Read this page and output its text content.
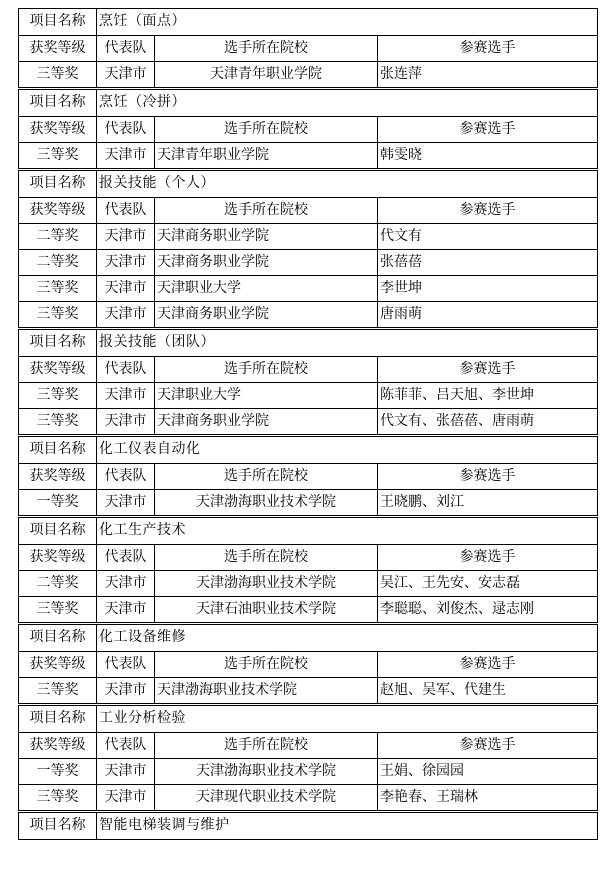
项目名称 烹饪（面点）
获奖等级	代表队	选手所在院校	参赛选手
三等奖	天津市	天津青年职业学院	张连萍
项目名称 烹饪（冷拼）
获奖等级	代表队	选手所在院校	参赛选手
三等奖	天津市 天津青年职业学院	韩雯晓
项目名称 报关技能（个人）
获奖等级	代表队	选手所在院校	参赛选手
二等奖	天津市 天津商务职业学院	代文有
二等奖	天津市 天津商务职业学院	张蓓蓓
三等奖	天津市 天津职业大学	李世坤
三等奖	天津市 天津商务职业学院	唐雨萌
项目名称 报关技能（团队）
获奖等级	代表队	选手所在院校	参赛选手
三等奖	天津市 天津职业大学	陈菲菲、吕天旭、李世坤
三等奖	天津市 天津商务职业学院	代文有、张蓓蓓、唐雨萌
项目名称 化工仪表自动化
获奖等级	代表队	选手所在院校	参赛选手
一等奖	天津市	天津渤海职业技术学院	王晓鹏、刘江
项目名称 化工生产技术
获奖等级	代表队	选手所在院校	参赛选手
二等奖	天津市	天津渤海职业技术学院	吴江、王先安、安志磊
三等奖	天津市	天津石油职业技术学院	李聪聪、刘俊杰、逯志刚
项目名称 化工设备维修
获奖等级	代表队	选手所在院校	参赛选手
三等奖	天津市 天津渤海职业技术学院	赵旭、吴军、代建生
项目名称 工业分析检验
获奖等级	代表队	选手所在院校	参赛选手
一等奖	天津市	天津渤海职业技术学院	王娟、徐园园
三等奖	天津市	天津现代职业技术学院	李艳春、王瑞林
项目名称 智能电梯装调与维护
